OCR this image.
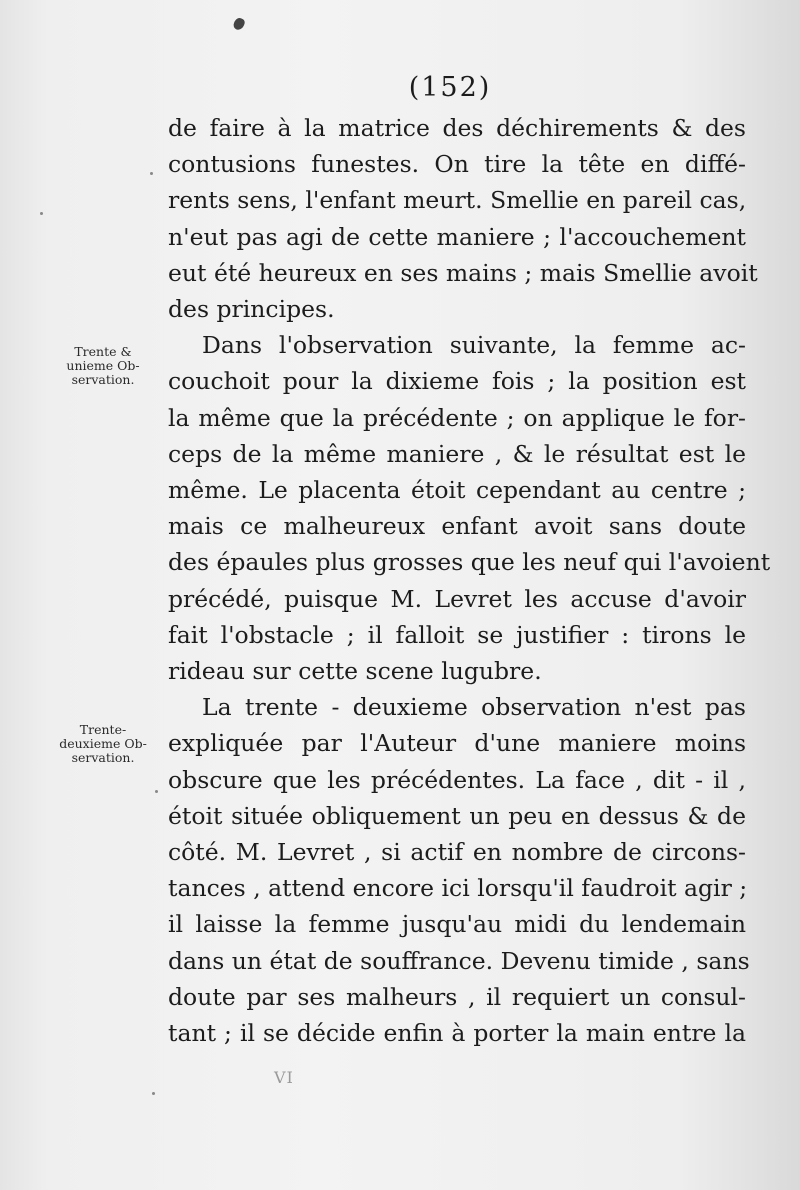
(152)
Trente &
unieme Ob-
servation.
Trente-
deuxieme Ob-
servation.
de faire à la matrice des déchirements & des
contusions funestes. On tire la tête en diffé-
rents sens, l'enfant meurt. Smellie en pareil cas,
n'eut pas agi de cette maniere ; l'accouchement
eut été heureux en ses mains ; mais Smellie avoit
des principes.
Dans l'observation suivante, la femme ac-
couchoit pour la dixieme fois ; la position est
la même que la précédente ; on applique le for-
ceps de la même maniere , & le résultat est le
même. Le placenta étoit cependant au centre ;
mais ce malheureux enfant avoit sans doute
des épaules plus grosses que les neuf qui l'avoient
précédé, puisque M. Levret les accuse d'avoir
fait l'obstacle ; il falloit se justifier : tirons le
rideau sur cette scene lugubre.
La trente - deuxieme observation n'est pas
expliquée par l'Auteur d'une maniere moins
obscure que les précédentes. La face , dit - il ,
étoit située obliquement un peu en dessus & de
côté. M. Levret , si actif en nombre de circons-
tances , attend encore ici lorsqu'il faudroit agir ;
il laisse la femme jusqu'au midi du lendemain
dans un état de souffrance. Devenu timide , sans
doute par ses malheurs , il requiert un consul-
tant ; il se décide enfin à porter la main entre la
VI
